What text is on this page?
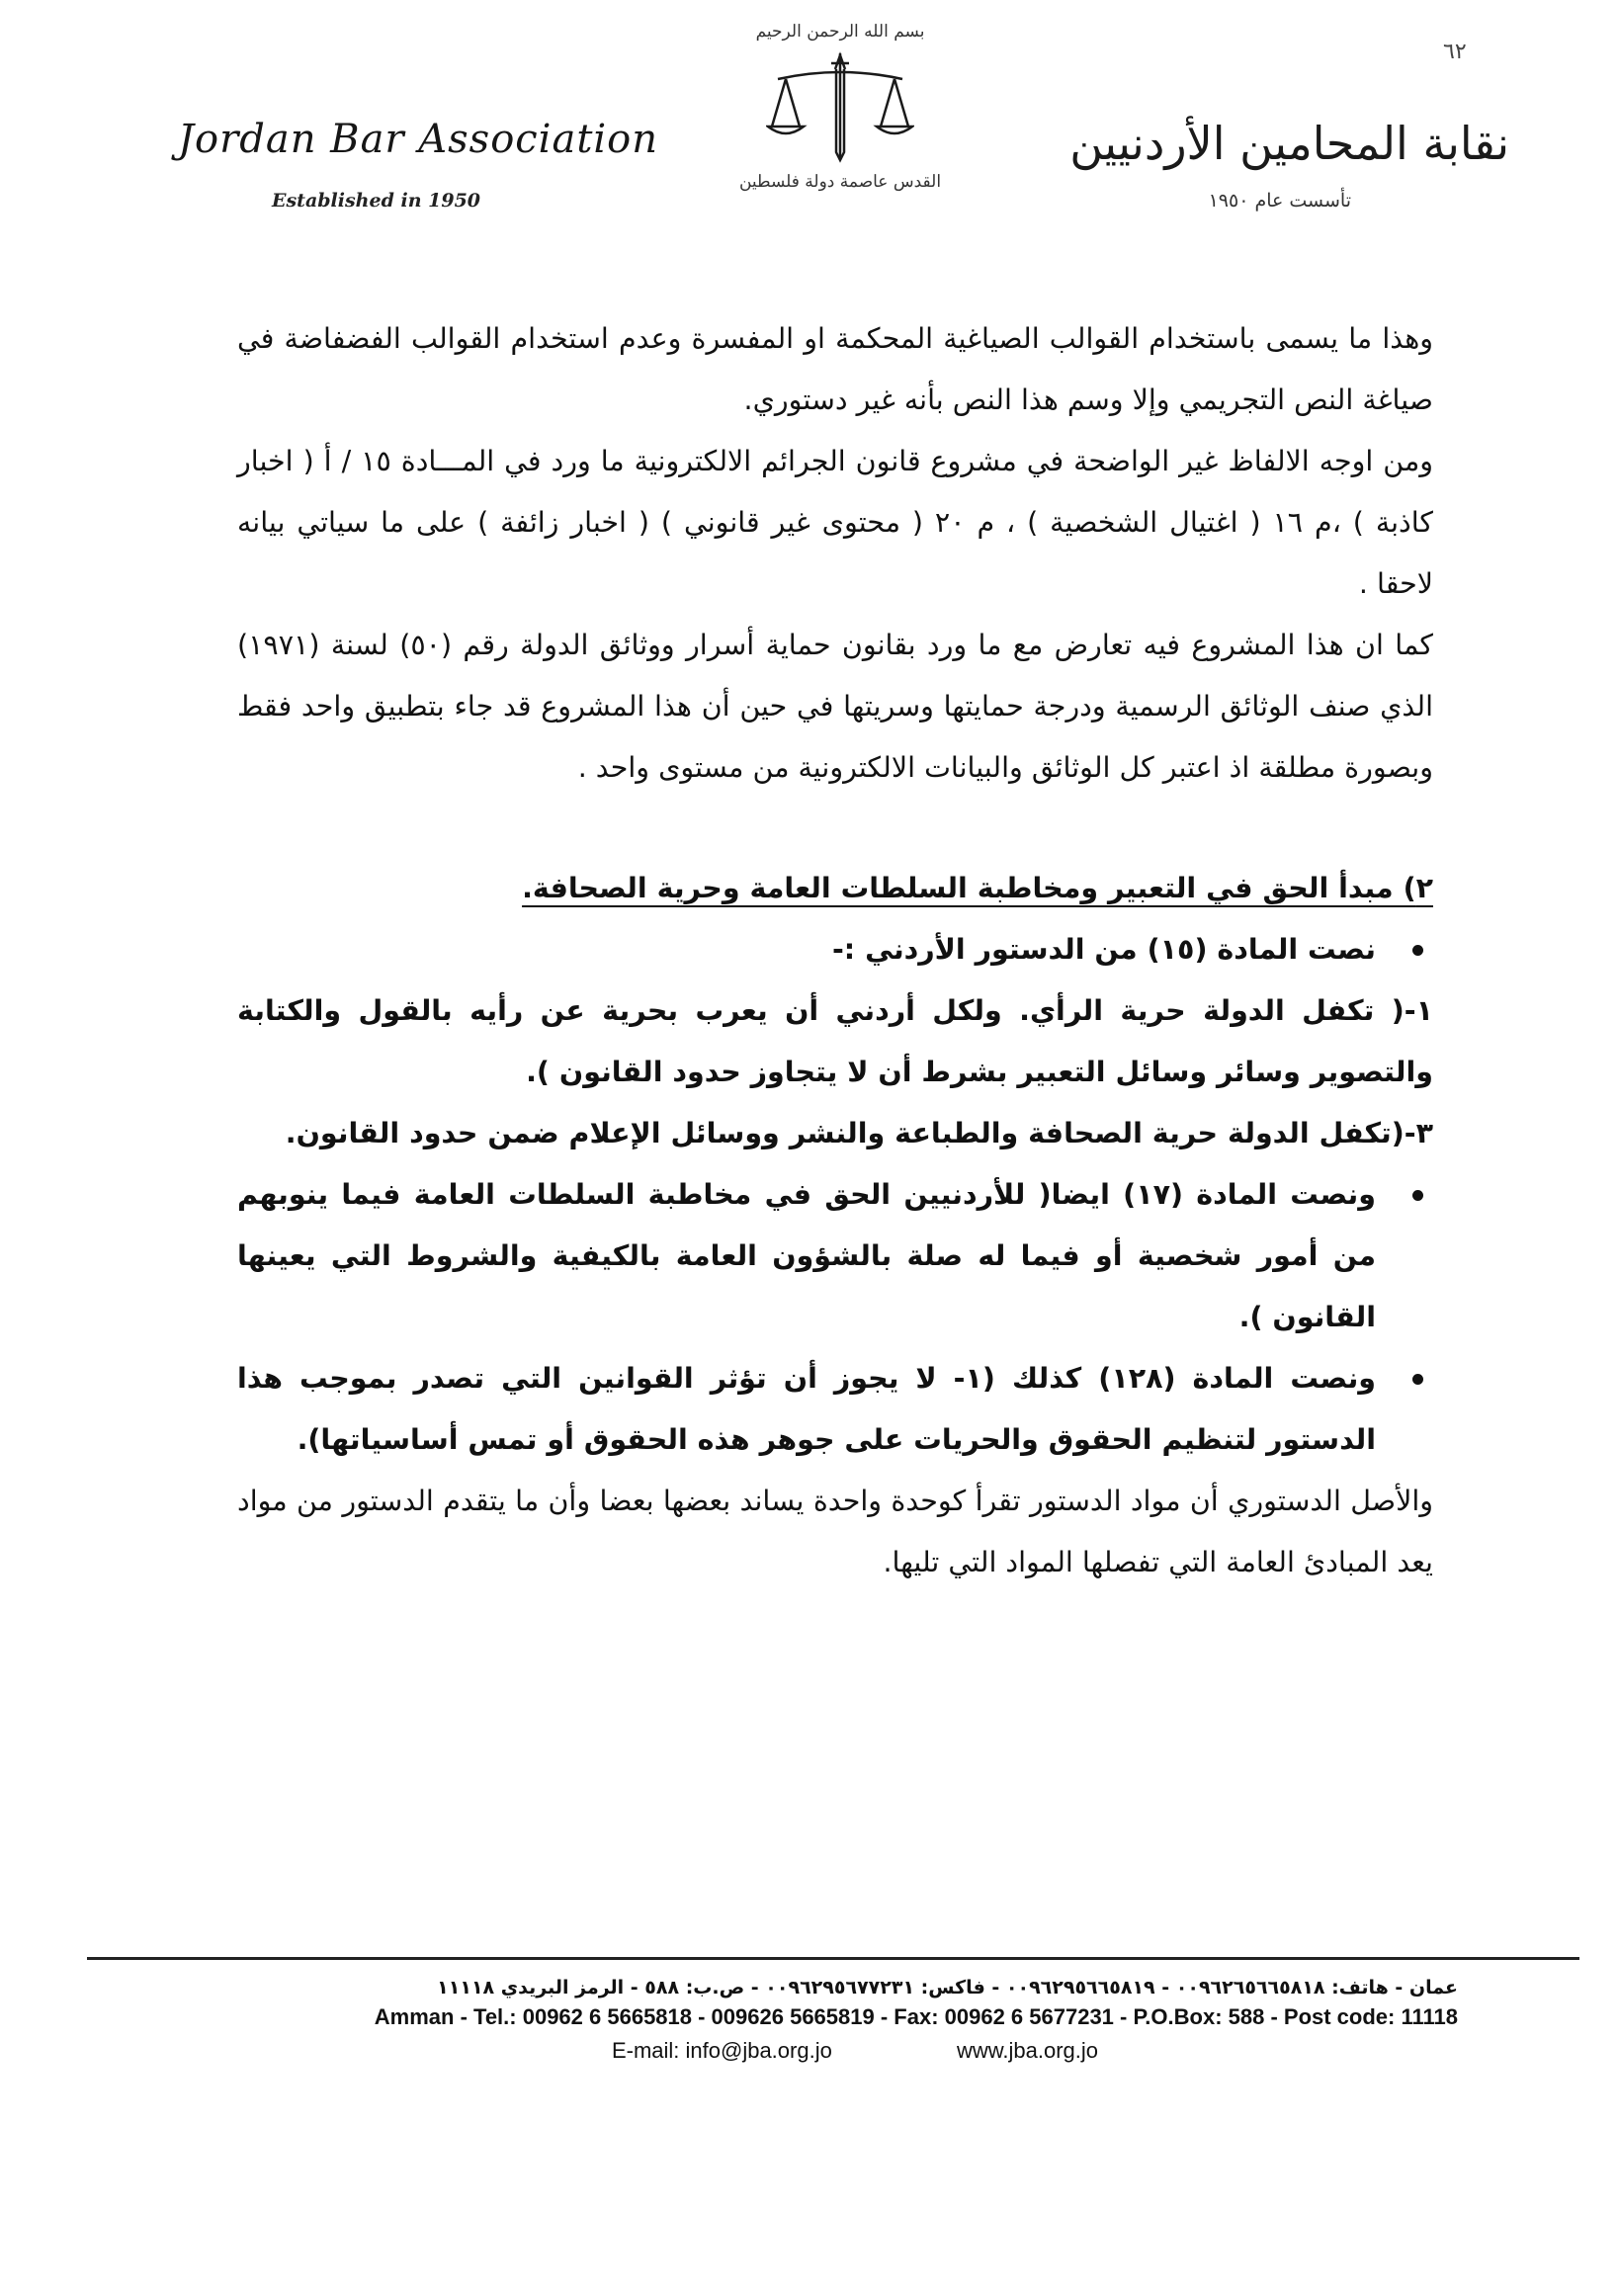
٦٢
Jordan Bar Association
Established in 1950
بسم الله الرحمن الرحيم
القدس عاصمة دولة فلسطين
نقابة المحامين الأردنيين
تأسست عام ١٩٥٠

وهذا ما يسمى باستخدام القوالب الصياغية المحكمة او المفسرة وعدم استخدام القوالب الفضفاضة في صياغة النص التجريمي وإلا وسم هذا النص بأنه غير دستوري.

ومن اوجه الالفاظ غير الواضحة في مشروع قانون الجرائم الالكترونية ما ورد في المـــادة ١٥ / أ ( اخبار كاذبة ) ،م ١٦ ( اغتيال الشخصية ) ، م ٢٠ ( محتوى غير قانوني ) ( اخبار زائفة ) على ما سياتي بيانه لاحقا .

كما ان هذا المشروع فيه تعارض مع ما ورد بقانون حماية أسرار ووثائق الدولة رقم (٥٠) لسنة (١٩٧١) الذي صنف الوثائق الرسمية ودرجة حمايتها وسريتها في حين أن هذا المشروع قد جاء بتطبيق واحد فقط وبصورة مطلقة اذ اعتبر كل الوثائق والبيانات الالكترونية من مستوى واحد .

٢) مبدأ الحق في التعبير ومخاطبة السلطات العامة وحرية الصحافة.

نصت المادة (١٥) من الدستور الأردني :-

١-( تكفل الدولة حرية الرأي. ولكل أردني أن يعرب بحرية عن رأيه بالقول والكتابة والتصوير وسائر وسائل التعبير بشرط أن لا يتجاوز حدود القانون ).

٣-(تكفل الدولة حرية الصحافة والطباعة والنشر ووسائل الإعلام ضمن حدود القانون.

ونصت المادة (١٧) ايضا( للأردنيين الحق في مخاطبة السلطات العامة فيما ينوبهم من أمور شخصية أو فيما له صلة بالشؤون العامة بالكيفية والشروط التي يعينها القانون ).

ونصت المادة (١٢٨) كذلك (١- لا يجوز أن تؤثر القوانين التي تصدر بموجب هذا الدستور لتنظيم الحقوق والحريات على جوهر هذه الحقوق أو تمس أساسياتها).

والأصل الدستوري أن مواد الدستور تقرأ كوحدة واحدة يساند بعضها بعضا وأن ما يتقدم الدستور من مواد يعد المبادئ العامة التي تفصلها المواد التي تليها.

عمان - هاتف: ٠٠٩٦٢٦٥٦٦٥٨١٨ - ٠٠٩٦٢٩٥٦٦٥٨١٩ - فاكس: ٠٠٩٦٢٩٥٦٧٧٢٣١ - ص.ب: ٥٨٨ - الرمز البريدي ١١١١٨
Amman - Tel.: 00962 6 5665818 - 009626 5665819 - Fax: 00962 6 5677231 - P.O.Box: 588 - Post code: 11118
E-mail: info@jba.org.jo	www.jba.org.jo
